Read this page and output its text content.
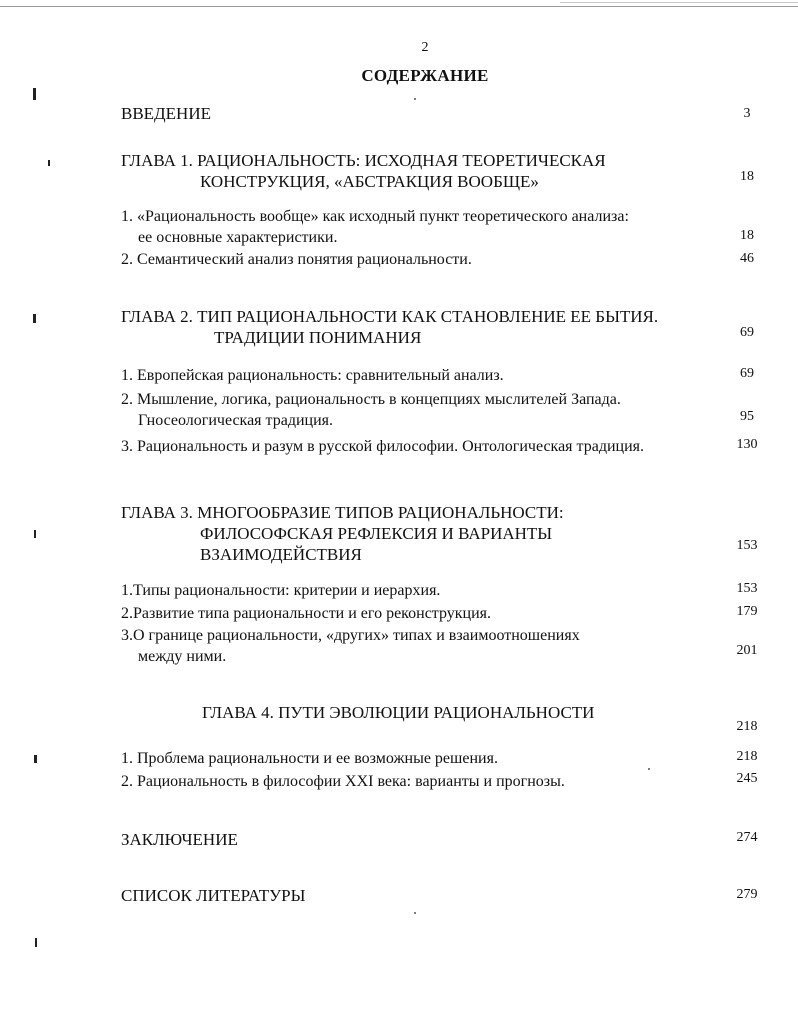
2
СОДЕРЖАНИЕ
ВВЕДЕНИЕ	3
ГЛАВА 1. РАЦИОНАЛЬНОСТЬ: ИСХОДНАЯ ТЕОРЕТИЧЕСКАЯ
КОНСТРУКЦИЯ, «АБСТРАКЦИЯ ВООБЩЕ»	18
1. «Рациональность вообще» как исходный пункт теоретического анализа:
ее основные характеристики.	18
2. Семантический анализ понятия рациональности.	46
ГЛАВА 2. ТИП РАЦИОНАЛЬНОСТИ КАК СТАНОВЛЕНИЕ ЕЕ БЫТИЯ.
ТРАДИЦИИ ПОНИМАНИЯ	69
1. Европейская рациональность: сравнительный анализ.	69
2. Мышление, логика, рациональность в концепциях мыслителей Запада.
Гносеологическая традиция.	95
3. Рациональность и разум в русской философии. Онтологическая традиция.	130
ГЛАВА 3. МНОГООБРАЗИЕ ТИПОВ РАЦИОНАЛЬНОСТИ:
ФИЛОСОФСКАЯ РЕФЛЕКСИЯ И ВАРИАНТЫ
ВЗАИМОДЕЙСТВИЯ	153
1.Типы рациональности: критерии и иерархия.	153
2.Развитие типа рациональности и его реконструкция.	179
3.О границе рациональности, «других» типах и взаимоотношениях
между ними.	201
ГЛАВА 4. ПУТИ ЭВОЛЮЦИИ РАЦИОНАЛЬНОСТИ
218
1. Проблема рациональности и ее возможные решения.	218
2. Рациональность в философии XXI века: варианты и прогнозы.	245
ЗАКЛЮЧЕНИЕ	274
СПИСОК ЛИТЕРАТУРЫ	279
